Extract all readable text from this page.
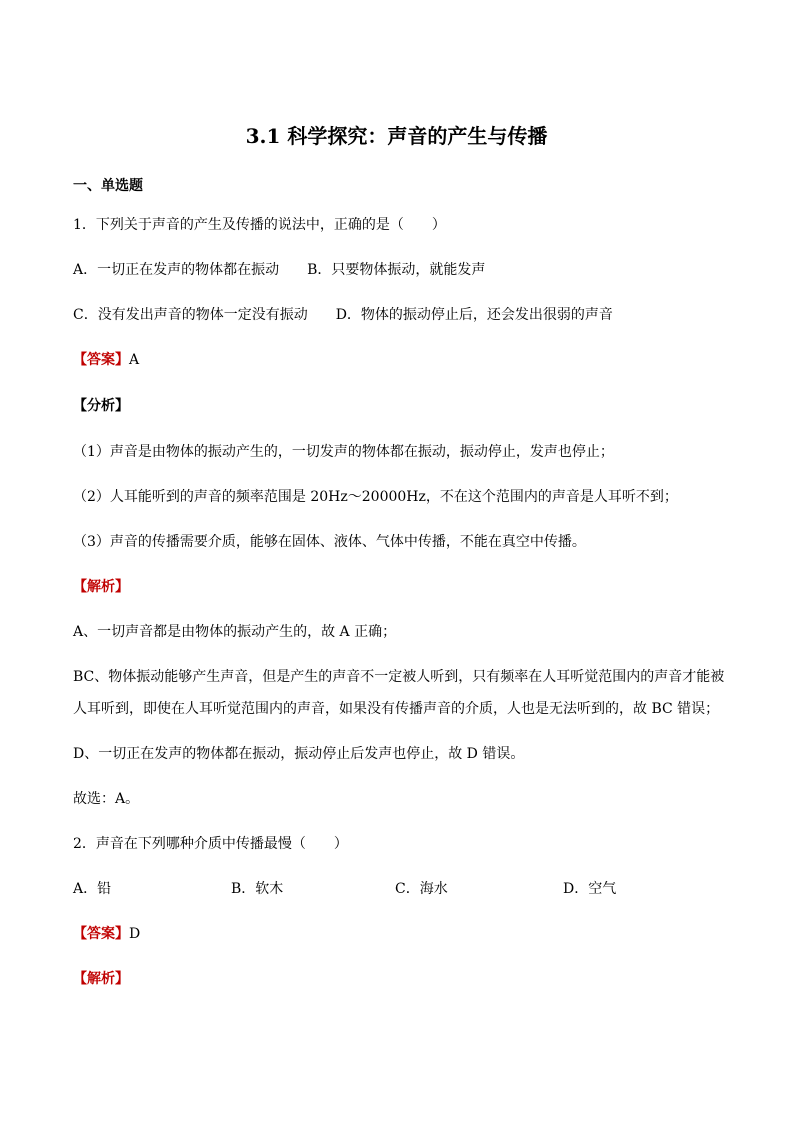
3.1 科学探究：声音的产生与传播
一、单选题
1．下列关于声音的产生及传播的说法中，正确的是（　　）
A．一切正在发声的物体都在振动　　B．只要物体振动，就能发声
C．没有发出声音的物体一定没有振动　　D．物体的振动停止后，还会发出很弱的声音
【答案】A
【分析】
（1）声音是由物体的振动产生的，一切发声的物体都在振动，振动停止，发声也停止；
（2）人耳能听到的声音的频率范围是 20Hz～20000Hz，不在这个范围内的声音是人耳听不到；
（3）声音的传播需要介质，能够在固体、液体、气体中传播，不能在真空中传播。
【解析】
A、一切声音都是由物体的振动产生的，故 A 正确；
BC、物体振动能够产生声音，但是产生的声音不一定被人听到，只有频率在人耳听觉范围内的声音才能被
人耳听到，即使在人耳听觉范围内的声音，如果没有传播声音的介质，人也是无法听到的，故 BC 错误；
D、一切正在发声的物体都在振动，振动停止后发声也停止，故 D 错误。
故选：A。
2．声音在下列哪种介质中传播最慢（　　）
A．铅	B．软木	C．海水	D．空气
【答案】D
【解析】
